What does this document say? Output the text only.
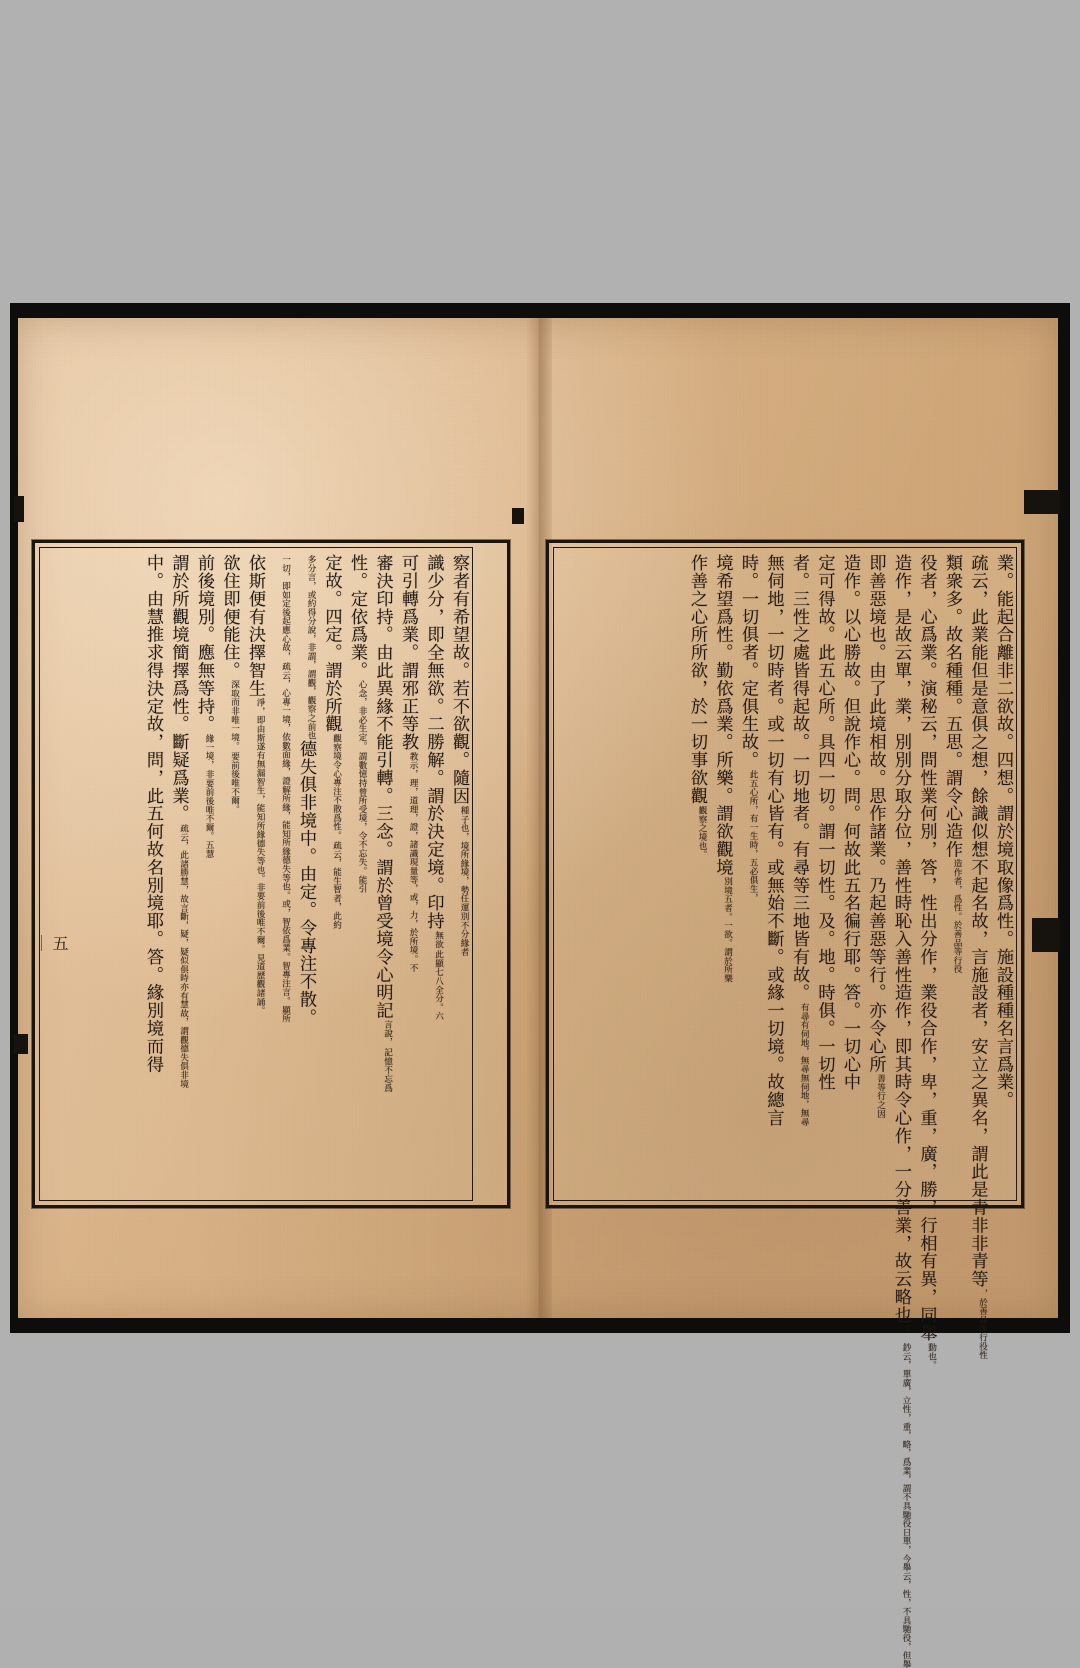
業。能起合離非二欲故。四想。謂於境取像爲性。施設種種名言爲業。
疏云，此業能但是意俱之想，餘識似想不起名故，言施設者，安立之異名，謂此是青非非青等，於善品等行役性
類衆多。故名種種。五思。謂令心造作造作者，爲性。於善品等行役
役者，心爲業。演秘云，問性業何別，答，性出分作，業役合作，卑，重，廣，勝，行相有異，同舉動也。
造作，是故云單，業，別別分取分位，善性時恥入善性造作，即其時令心作，一分善業，故云略也。鈔云，單廣，立性，重，略，爲業，謂不具馳役日單，今舉云，性，不具馳役，但舉
即善惡境也。由了此境相故。思作諸業。乃起善惡等行。亦令心所善等行之因
造作。以心勝故。但說作心。問。何故此五名徧行耶。答。一切心中
定可得故。此五心所。具四一切。謂一切性。及。地。時俱。一切性
者。三性之處皆得起故。一切地者。有尋等三地皆有故。有尋有伺地，無尋無伺地，無尋
無伺地，一切時者。或一切有心皆有。或無始不斷。或緣一切境。故總言
時。一切俱者。定俱生故。此五心所，有一生時，五必俱生，
境希望爲性。勤依爲業。所樂。謂欲觀境別境五者。一欲。謂於所樂
作善之心所所欲，於一切事欲觀觀察之境也。
察者有希望故。若不欲觀。隨因種子也，境所緣境，勢任運別不分緣者
識少分，即全無欲。二勝解。謂於決定境。印持無欲此顯七八全分。六
可引轉爲業。謂邪正等教教示，理，道理，證，諸識現量等，或，力，於所境。不
審決印持。由此異緣不能引轉。三念。謂於曾受境令心明記言說，記憶不忘爲
性。定依爲業。心念，非必生定。謂數憶持曾所受境，令不忘失。能引
定故。四定。謂於所觀觀察境令心專注不散爲性。疏云，能生智者，此約
多分言，或約得分說，非謂，謂觀，觀察之前也德失俱非境中。由定。令專注不散。
一切，即如定後起應心故，疏云，心專一境，依數面緣，證解所緣，能知所緣德失等也。或，智依爲業。智專注言。顯所
依斯便有決擇智生淨，即由斯遂有無漏智生，能知所緣德失等也。非要前後唯不爾。見道歷觀諸誦。
欲住即便能住。深取而非唯一境。要前後唯不爾。
前後境別。應無等持。緣一境，非要前後唯不爾。五慧
謂於所觀境簡擇爲性。斷疑爲業。疏云，此諸勝慧，故言斷，疑，疑似俱時亦有慧故，謂觀德失俱非境
中。由慧推求得決定故，問，此五何故名別境耶。答。緣別境而得
五
